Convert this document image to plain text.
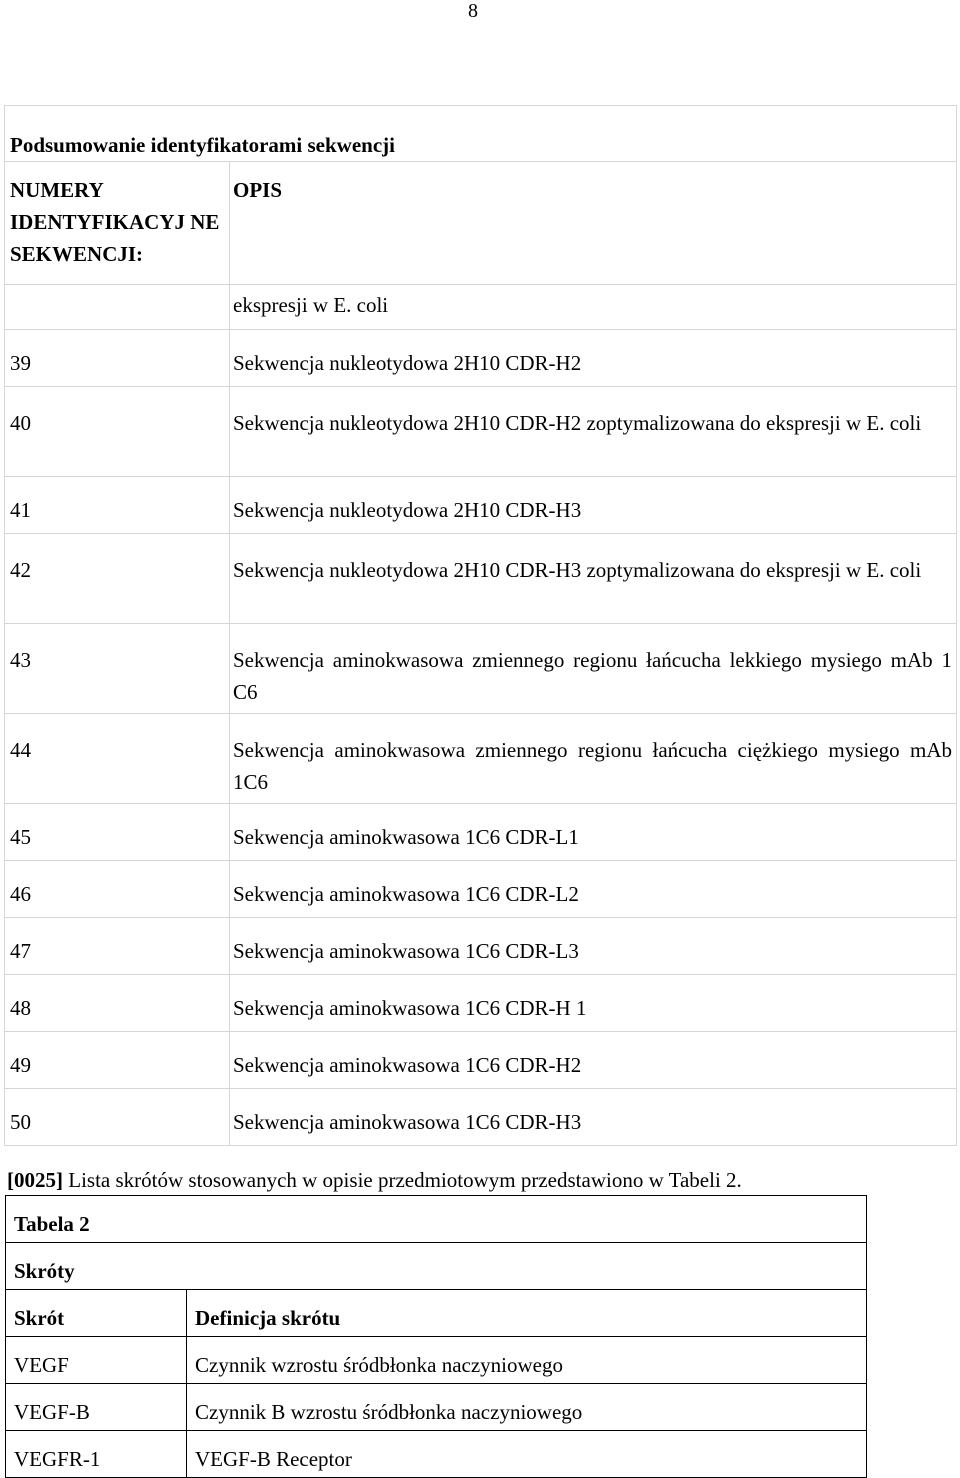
8
Podsumowanie identyfikatorami sekwencji	
NUMERY IDENTYFIKACYJ NE SEKWENCJI:	OPIS
	ekspresji w E. coli
39	Sekwencja nukleotydowa 2H10 CDR-H2
40	Sekwencja nukleotydowa 2H10 CDR-H2 zoptymalizowana do ekspresji w E. coli
41	Sekwencja nukleotydowa 2H10 CDR-H3
42	Sekwencja nukleotydowa 2H10 CDR-H3 zoptymalizowana do ekspresji w E. coli
43	Sekwencja aminokwasowa zmiennego regionu łańcucha lekkiego mysiego mAb 1 C6
44	Sekwencja aminokwasowa zmiennego regionu łańcucha ciężkiego mysiego mAb 1C6
45	Sekwencja aminokwasowa 1C6 CDR-L1
46	Sekwencja aminokwasowa 1C6 CDR-L2
47	Sekwencja aminokwasowa 1C6 CDR-L3
48	Sekwencja aminokwasowa 1C6 CDR-H 1
49	Sekwencja aminokwasowa 1C6 CDR-H2
50	Sekwencja aminokwasowa 1C6 CDR-H3
[0025] Lista skrótów stosowanych w opisie przedmiotowym przedstawiono w Tabeli 2.
Tabela 2	
Skróty	
Skrót	Definicja skrótu
VEGF	Czynnik wzrostu śródbłonka naczyniowego
VEGF-B	Czynnik B wzrostu śródbłonka naczyniowego
VEGFR-1	VEGF-B Receptor
